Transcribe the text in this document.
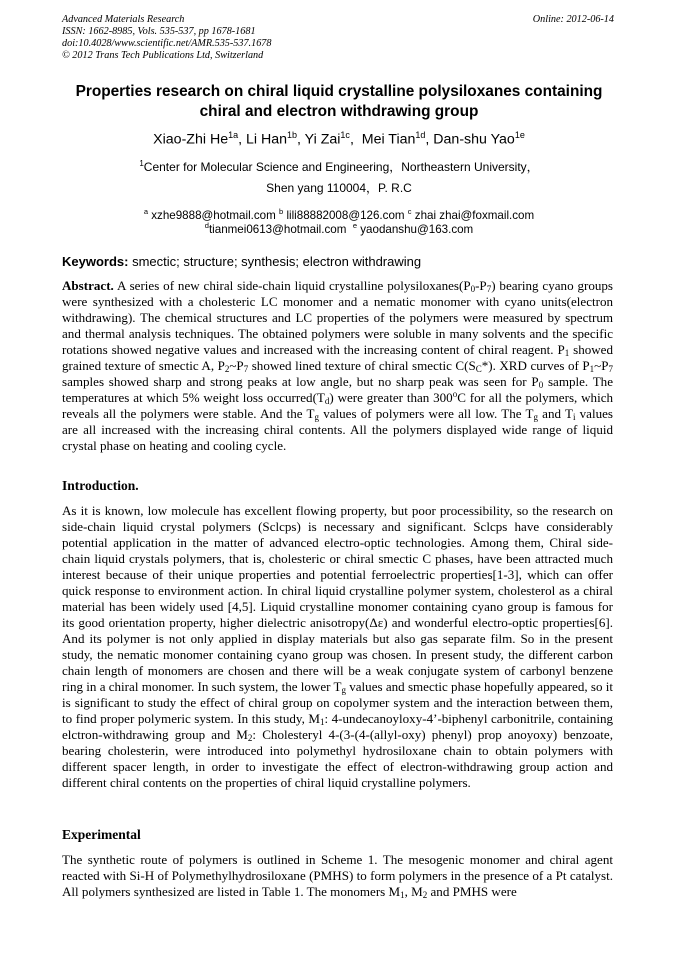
Advanced Materials Research
ISSN: 1662-8985, Vols. 535-537, pp 1678-1681
doi:10.4028/www.scientific.net/AMR.535-537.1678
© 2012 Trans Tech Publications Ltd, Switzerland
Online: 2012-06-14
Properties research on chiral liquid crystalline polysiloxanes containing
chiral and electron withdrawing group
Xiao-Zhi $He^{1a}$, Li Han$^{1b}$, Yi Zai$^{1c}$,  Mei Tian$^{1d}$, Dan-shu Yao$^{1e}$
$^1$Center for Molecular Science and Engineering，Northeastern University，
Shen yang 110004，P. R.C
$^a$ xzhe9888@hotmail.com $^b$ lili88882008@126.com $^c$ zhai zhai@foxmail.com
$^d$tianmei0613@hotmail.com $^e$ yaodanshu@163.com
Keywords: smectic; structure; synthesis; electron withdrawing
Abstract. A series of new chiral side-chain liquid crystalline $polysiloxanes(P_0-P_7)$ bearing cyano groups were synthesized with a cholesteric LC monomer and a nematic monomer with cyano units(electron withdrawing). The chemical structures and LC properties of the polymers were measured by spectrum and thermal analysis techniques. The obtained polymers were soluble in many solvents and the specific rotations showed negative values and increased with the increasing content of chiral reagent. $P_1$ showed grained texture of smectic A, $P_2\sim P_7$ showed lined texture of chiral smectic $C(S_C*)$. XRD curves of $P_1\sim P_7$ samples showed sharp and strong peaks at low angle, but no sharp peak was seen for $P_0$ sample. The temperatures at which 5% weight loss $occurred(T_d)$ were greater than 300$^o$C for all the polymers, which reveals all the polymers were stable. And the $T_g$ values of polymers were all low. The $T_g$ and $T_i$ values are all increased with the increasing chiral contents. All the polymers displayed wide range of liquid crystal phase on heating and cooling cycle.
Introduction.
As it is known, low molecule has excellent flowing property, but poor processibility, so the research on side-chain liquid crystal polymers (Sclcps) is necessary and significant. Sclcps have considerably potential application in the matter of advanced electro-optic technologies. Among them, Chiral side-chain liquid crystals polymers, that is, cholesteric or chiral smectic C phases, have been attracted much interest because of their unique properties and potential ferroelectric properties[1-3], which can offer quick response to environment action. In chiral liquid crystalline polymer system, cholesterol as a chiral material has been widely used [4,5]. Liquid crystalline monomer containing cyano group is famous for its good orientation property, higher dielectric anisotropy(Δε) and wonderful electro-optic properties[6]. And its polymer is not only applied in display materials but also gas separate film. So in the present study, the nematic monomer containing cyano group was chosen. In present study, the different carbon chain length of monomers are chosen and there will be a weak conjugate system of carbonyl benzene ring in a chiral monomer. In such system, the lower $T_g$ values and smectic phase hopefully appeared, so it is significant to study the effect of chiral group on copolymer system and the interaction between them, to find proper polymeric system. In this study, $M_1$: 4-undecanoyloxy-4’-biphenyl carbonitrile, containing elctron-withdrawing group and $M_2$: Cholesteryl 4-(3-(4-(allyl-oxy) phenyl) prop anoyoxy) benzoate, bearing cholesterin, were introduced into polymethyl hydrosiloxane chain to obtain polymers with different spacer length, in order to investigate the effect of electron-withdrawing group action and different chiral contents on the properties of chiral liquid crystalline polymers.
Experimental
The synthetic route of polymers is outlined in Scheme 1. The mesogenic monomer and chiral agent reacted with Si-H of Polymethylhydrosiloxane (PMHS) to form polymers in the presence of a Pt catalyst. All polymers synthesized are listed in Table 1. The monomers $M_1$, $M_2$ and PMHS were
